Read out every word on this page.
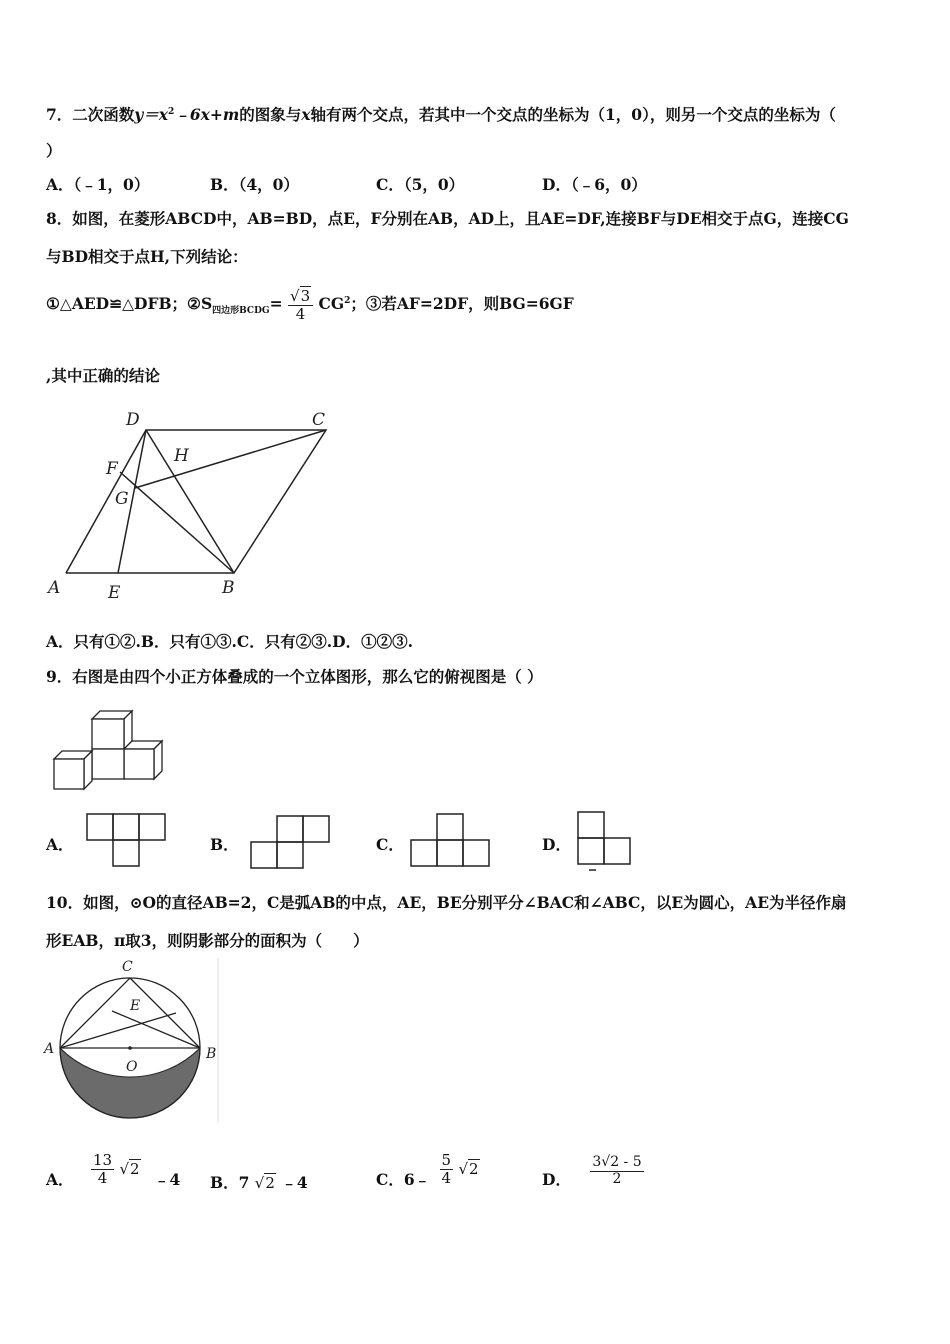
7．二次函数$y=x^2﹣6x+m$的图象与x轴有两个交点，若其中一个交点的坐标为（1，0），则另一个交点的坐标为（
）
A．（﹣1，0）	B．（4，0）	C．（5，0）	D．（﹣6，0）
8．如图，在菱形ABCD中，AB=BD，点E，F分别在AB，AD上，且AE=DF,连接BF与DE相交于点G，连接CG
与BD相交于点H,下列结论：
①△AED≌△DFB；$②S_{四边形BCDG}= \frac{√3}{4} CG^2$；③若AF=2DF，则BG=6GF
,其中正确的结论
D	C
H
F
G
A	E	B
A．只有①②.B．只有①③.C．只有②③.D．①②③.
9．右图是由四个小正方体叠成的一个立体图形，那么它的俯视图是（ ）
A．	B．	C．	D．
10．如图，⊙O的直径AB=2，C是弧AB的中点，AE，BE分别平分∠BAC和∠ABC，以E为圆心，AE为半径作扇
形EAB，π取3，则阴影部分的面积为（　　）
C
E
A	B
O
A． $\frac{13}{4} √2$ ﹣4 B．7 √2 ﹣4	C．6﹣ $\frac{5}{4} √2$
D． $\frac{3√2 - 5}{2}$
